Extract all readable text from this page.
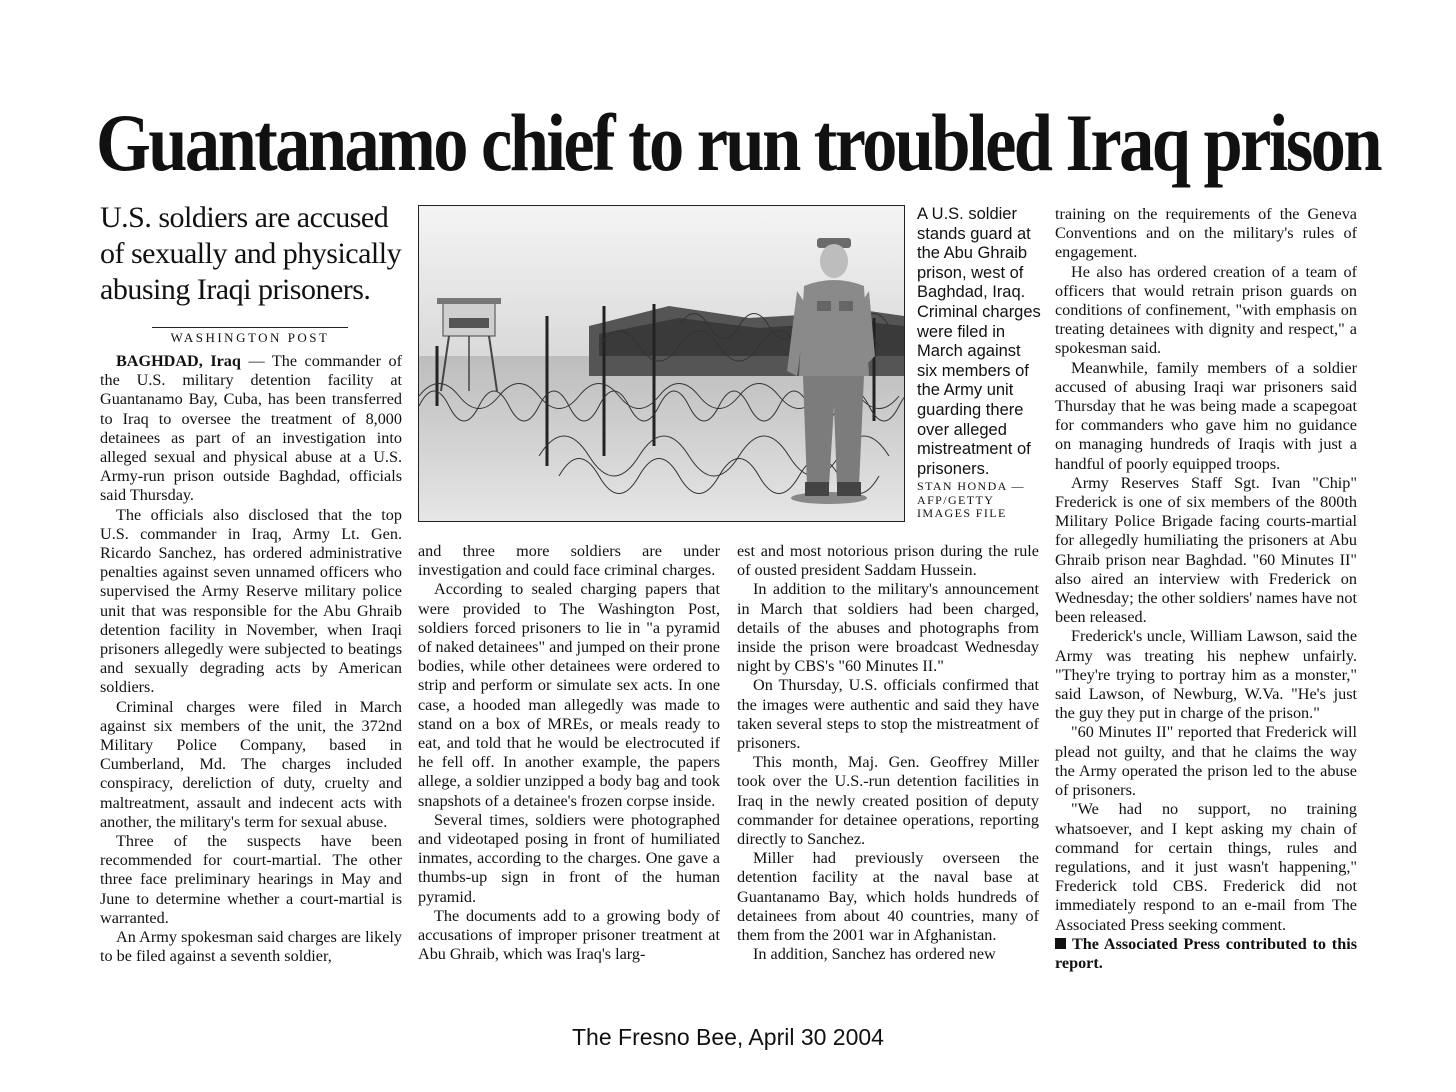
Guantanamo chief to run troubled Iraq prison
U.S. soldiers are accused
of sexually and physically
abusing Iraqi prisoners.
WASHINGTON POST

BAGHDAD, Iraq — The commander of the U.S. military detention facility at Guantanamo Bay, Cuba, has been transferred to Iraq to oversee the treatment of 8,000 detainees as part of an investigation into alleged sexual and physical abuse at a U.S. Army-run prison outside Baghdad, officials said Thursday.

The officials also disclosed that the top U.S. commander in Iraq, Army Lt. Gen. Ricardo Sanchez, has ordered administrative penalties against seven unnamed officers who supervised the Army Reserve military police unit that was responsible for the Abu Ghraib detention facility in November, when Iraqi prisoners allegedly were subjected to beatings and sexually degrading acts by American soldiers.

Criminal charges were filed in March against six members of the unit, the 372nd Military Police Company, based in Cumberland, Md. The charges included conspiracy, dereliction of duty, cruelty and maltreatment, assault and indecent acts with another, the military's term for sexual abuse.

Three of the suspects have been recommended for court-martial. The other three face preliminary hearings in May and June to determine whether a court-martial is warranted.

An Army spokesman said charges are likely to be filed against a seventh soldier,

A U.S. soldier stands guard at the Abu Ghraib prison, west of Baghdad, Iraq. Criminal charges were filed in March against six members of the Army unit guarding there over alleged mistreatment of prisoners.
STAN HONDA —
AFP/GETTY
IMAGES FILE

and three more soldiers are under investigation and could face criminal charges.

According to sealed charging papers that were provided to The Washington Post, soldiers forced prisoners to lie in "a pyramid of naked detainees" and jumped on their prone bodies, while other detainees were ordered to strip and perform or simulate sex acts. In one case, a hooded man allegedly was made to stand on a box of MREs, or meals ready to eat, and told that he would be electrocuted if he fell off. In another example, the papers allege, a soldier unzipped a body bag and took snapshots of a detainee's frozen corpse inside.

Several times, soldiers were photographed and videotaped posing in front of humiliated inmates, according to the charges. One gave a thumbs-up sign in front of the human pyramid.

The documents add to a growing body of accusations of improper prisoner treatment at Abu Ghraib, which was Iraq's larg-

est and most notorious prison during the rule of ousted president Saddam Hussein.

In addition to the military's announcement in March that soldiers had been charged, details of the abuses and photographs from inside the prison were broadcast Wednesday night by CBS's "60 Minutes II."

On Thursday, U.S. officials confirmed that the images were authentic and said they have taken several steps to stop the mistreatment of prisoners.

This month, Maj. Gen. Geoffrey Miller took over the U.S.-run detention facilities in Iraq in the newly created position of deputy commander for detainee operations, reporting directly to Sanchez.

Miller had previously overseen the detention facility at the naval base at Guantanamo Bay, which holds hundreds of detainees from about 40 countries, many of them from the 2001 war in Afghanistan.

In addition, Sanchez has ordered new

training on the requirements of the Geneva Conventions and on the military's rules of engagement.

He also has ordered creation of a team of officers that would retrain prison guards on conditions of confinement, "with emphasis on treating detainees with dignity and respect," a spokesman said.

Meanwhile, family members of a soldier accused of abusing Iraqi war prisoners said Thursday that he was being made a scapegoat for commanders who gave him no guidance on managing hundreds of Iraqis with just a handful of poorly equipped troops.

Army Reserves Staff Sgt. Ivan "Chip" Frederick is one of six members of the 800th Military Police Brigade facing courts-martial for allegedly humiliating the prisoners at Abu Ghraib prison near Baghdad. "60 Minutes II" also aired an interview with Frederick on Wednesday; the other soldiers' names have not been released.

Frederick's uncle, William Lawson, said the Army was treating his nephew unfairly. "They're trying to portray him as a monster," said Lawson, of Newburg, W.Va. "He's just the guy they put in charge of the prison."

"60 Minutes II" reported that Frederick will plead not guilty, and that he claims the way the Army operated the prison led to the abuse of prisoners.

"We had no support, no training whatsoever, and I kept asking my chain of command for certain things, rules and regulations, and it just wasn't happening," Frederick told CBS. Frederick did not immediately respond to an e-mail from The Associated Press seeking comment.

The Associated Press contributed to this report.

The Fresno Bee, April 30 2004
